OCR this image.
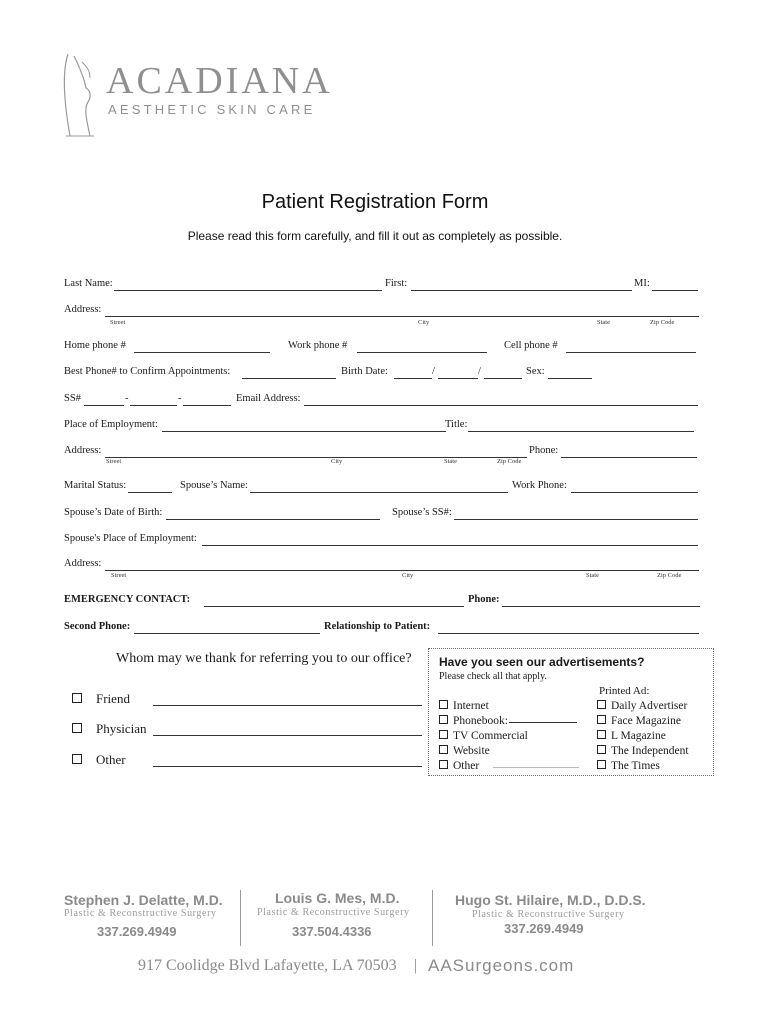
ACADIANA
AESTHETIC SKIN CARE
Patient Registration Form
Please read this form carefully, and fill it out as completely as possible.
Last Name:	First:	MI:
Address:
Street	City	State	Zip Code
Home phone #	Work phone #	Cell phone #
Best Phone# to Confirm Appointments:	Birth Date:	/	/	Sex:
SS#	-	-	Email Address:
Place of Employment:	Title:
Address:	Phone:
Street	City	State	Zip Code
Marital Status:	Spouse’s Name:	Work Phone:
Spouse’s Date of Birth:	Spouse’s SS#:
Spouse's Place of Employment:
Address:
Street	City	State	Zip Code
EMERGENCY CONTACT:	Phone:
Second Phone:	Relationship to Patient:
Whom may we thank for referring you to our office?
Friend
Physician
Other
Have you seen our advertisements?
Please check all that apply.
Printed Ad:
Internet
Phonebook:
TV Commercial
Website
Other
Daily Advertiser
Face Magazine
L Magazine
The Independent
The Times
Stephen J. Delatte, M.D.
Plastic & Reconstructive Surgery
337.269.4949
Louis G. Mes, M.D.
Plastic & Reconstructive Surgery
337.504.4336
Hugo St. Hilaire, M.D., D.D.S.
Plastic & Reconstructive Surgery
337.269.4949
917 Coolidge Blvd Lafayette, LA 70503 | AASurgeons.com
